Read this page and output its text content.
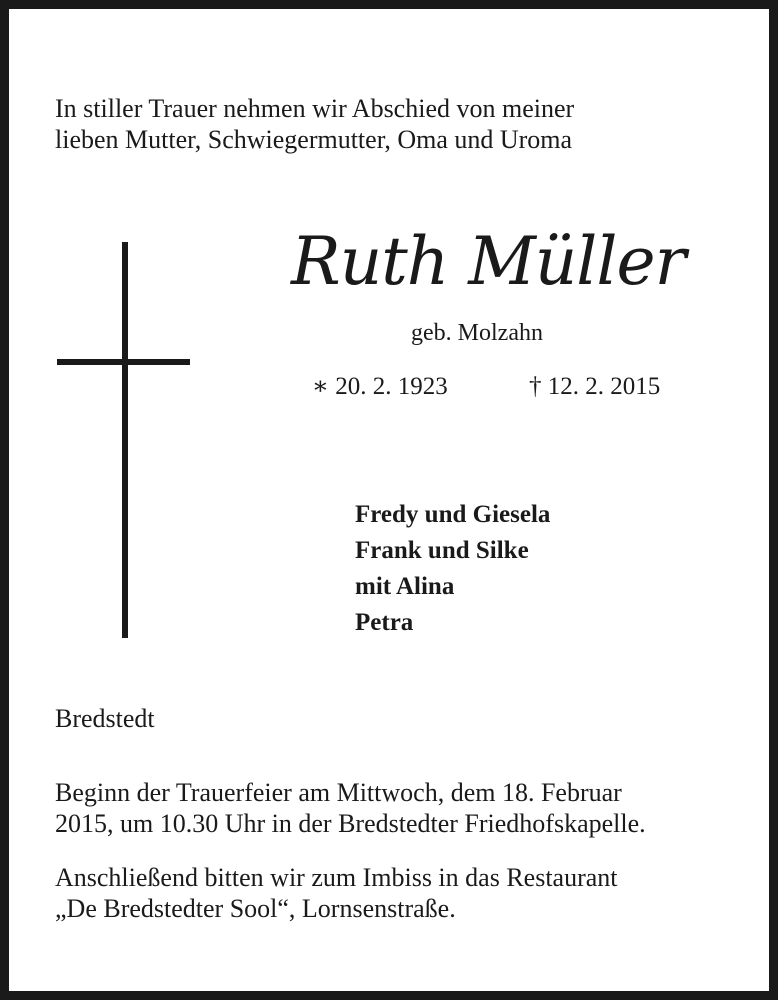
In stiller Trauer nehmen wir Abschied von meiner
lieben Mutter, Schwiegermutter, Oma und Uroma
Ruth Müller
geb. Molzahn
∗ 20. 2. 1923	† 12. 2. 2015
Fredy und Giesela
Frank und Silke
mit Alina
Petra
Bredstedt
Beginn der Trauerfeier am Mittwoch, dem 18. Februar
2015, um 10.30 Uhr in der Bredstedter Friedhofskapelle.
Anschließend bitten wir zum Imbiss in das Restaurant
„De Bredstedter Sool“, Lornsenstraße.
